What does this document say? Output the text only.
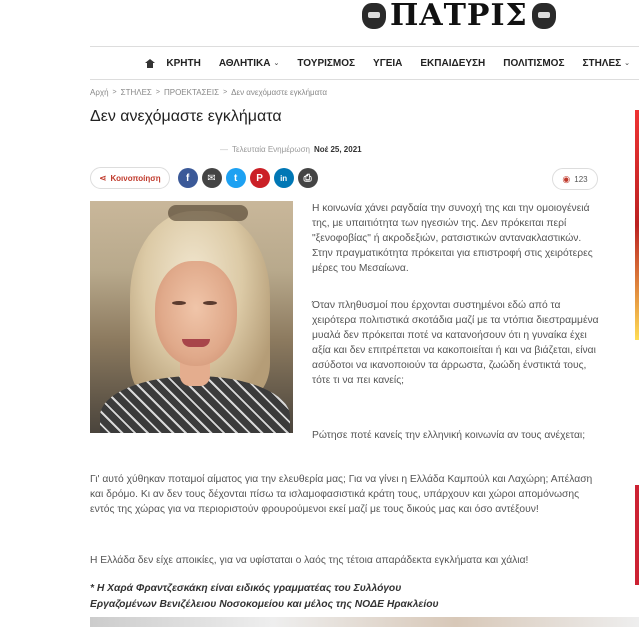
ΠΑΤΡΙΣ
ΚΡΗΤΗ ΑΘΛΗΤΙΚΑ ⌄ ΤΟΥΡΙΣΜΟΣ ΥΓΕΙΑ ΕΚΠΑΙΔΕΥΣΗ ΠΟΛΙΤΙΣΜΟΣ ΣΤΗΛΕΣ ⌄
Αρχή > ΣΤΗΛΕΣ > ΠΡΟΕΚΤΑΣΕΙΣ > Δεν ανεχόμαστε εγκλήματα
Δεν ανεχόμαστε εγκλήματα
— Τελευταία Ενημέρωση Νοέ 25, 2021
⋖ Κοινοποίηση	f	✉	t	P	in	⎙	◉ 123

Η κοινωνία χάνει ραγδαία την συνοχή της και την ομοιογένειά της, με υπαιτιότητα των ηγεσιών της. Δεν πρόκειται περί "ξενοφοβίας" ή ακροδεξιών, ρατσιστικών αντανακλαστικών. Στην πραγματικότητα πρόκειται για επιστροφή στις χειρότερες μέρες του Μεσαίωνα.

Όταν πληθυσμοί που έρχονται συστημένοι εδώ από τα χειρότερα πολιτιστικά σκοτάδια μαζί με τα ντόπια διεστραμμένα μυαλά δεν πρόκειται ποτέ να κατανοήσουν ότι η γυναίκα έχει αξία και δεν επιτρέπεται να κακοποιείται ή και να βιάζεται, είναι ασύδοτοι να ικανοποιούν τα άρρωστα, ζωώδη ένστικτά τους, τότε τι να πει κανείς;

Ρώτησε ποτέ κανείς την ελληνική κοινωνία αν τους ανέχεται;

Γι' αυτό χύθηκαν ποταμοί αίματος για την ελευθερία μας; Για να γίνει η Ελλάδα Καμπούλ και Λαχώρη; Απέλαση και δρόμο. Κι αν δεν τους δέχονται πίσω τα ισλαμοφασιστικά κράτη τους, υπάρχουν και χώροι απομόνωσης εντός της χώρας για να περιοριστούν φρουρούμενοι εκεί μαζί με τους δικούς μας και όσο αντέξουν!

Η Ελλάδα δεν είχε αποικίες, για να υφίσταται ο λαός της τέτοια απαράδεκτα εγκλήματα και χάλια!

* Η Χαρά Φραντζεσκάκη είναι ειδικός γραμματέας του Συλλόγου
Εργαζομένων Βενιζέλειου Νοσοκομείου και μέλος της ΝΟΔΕ Ηρακλείου
